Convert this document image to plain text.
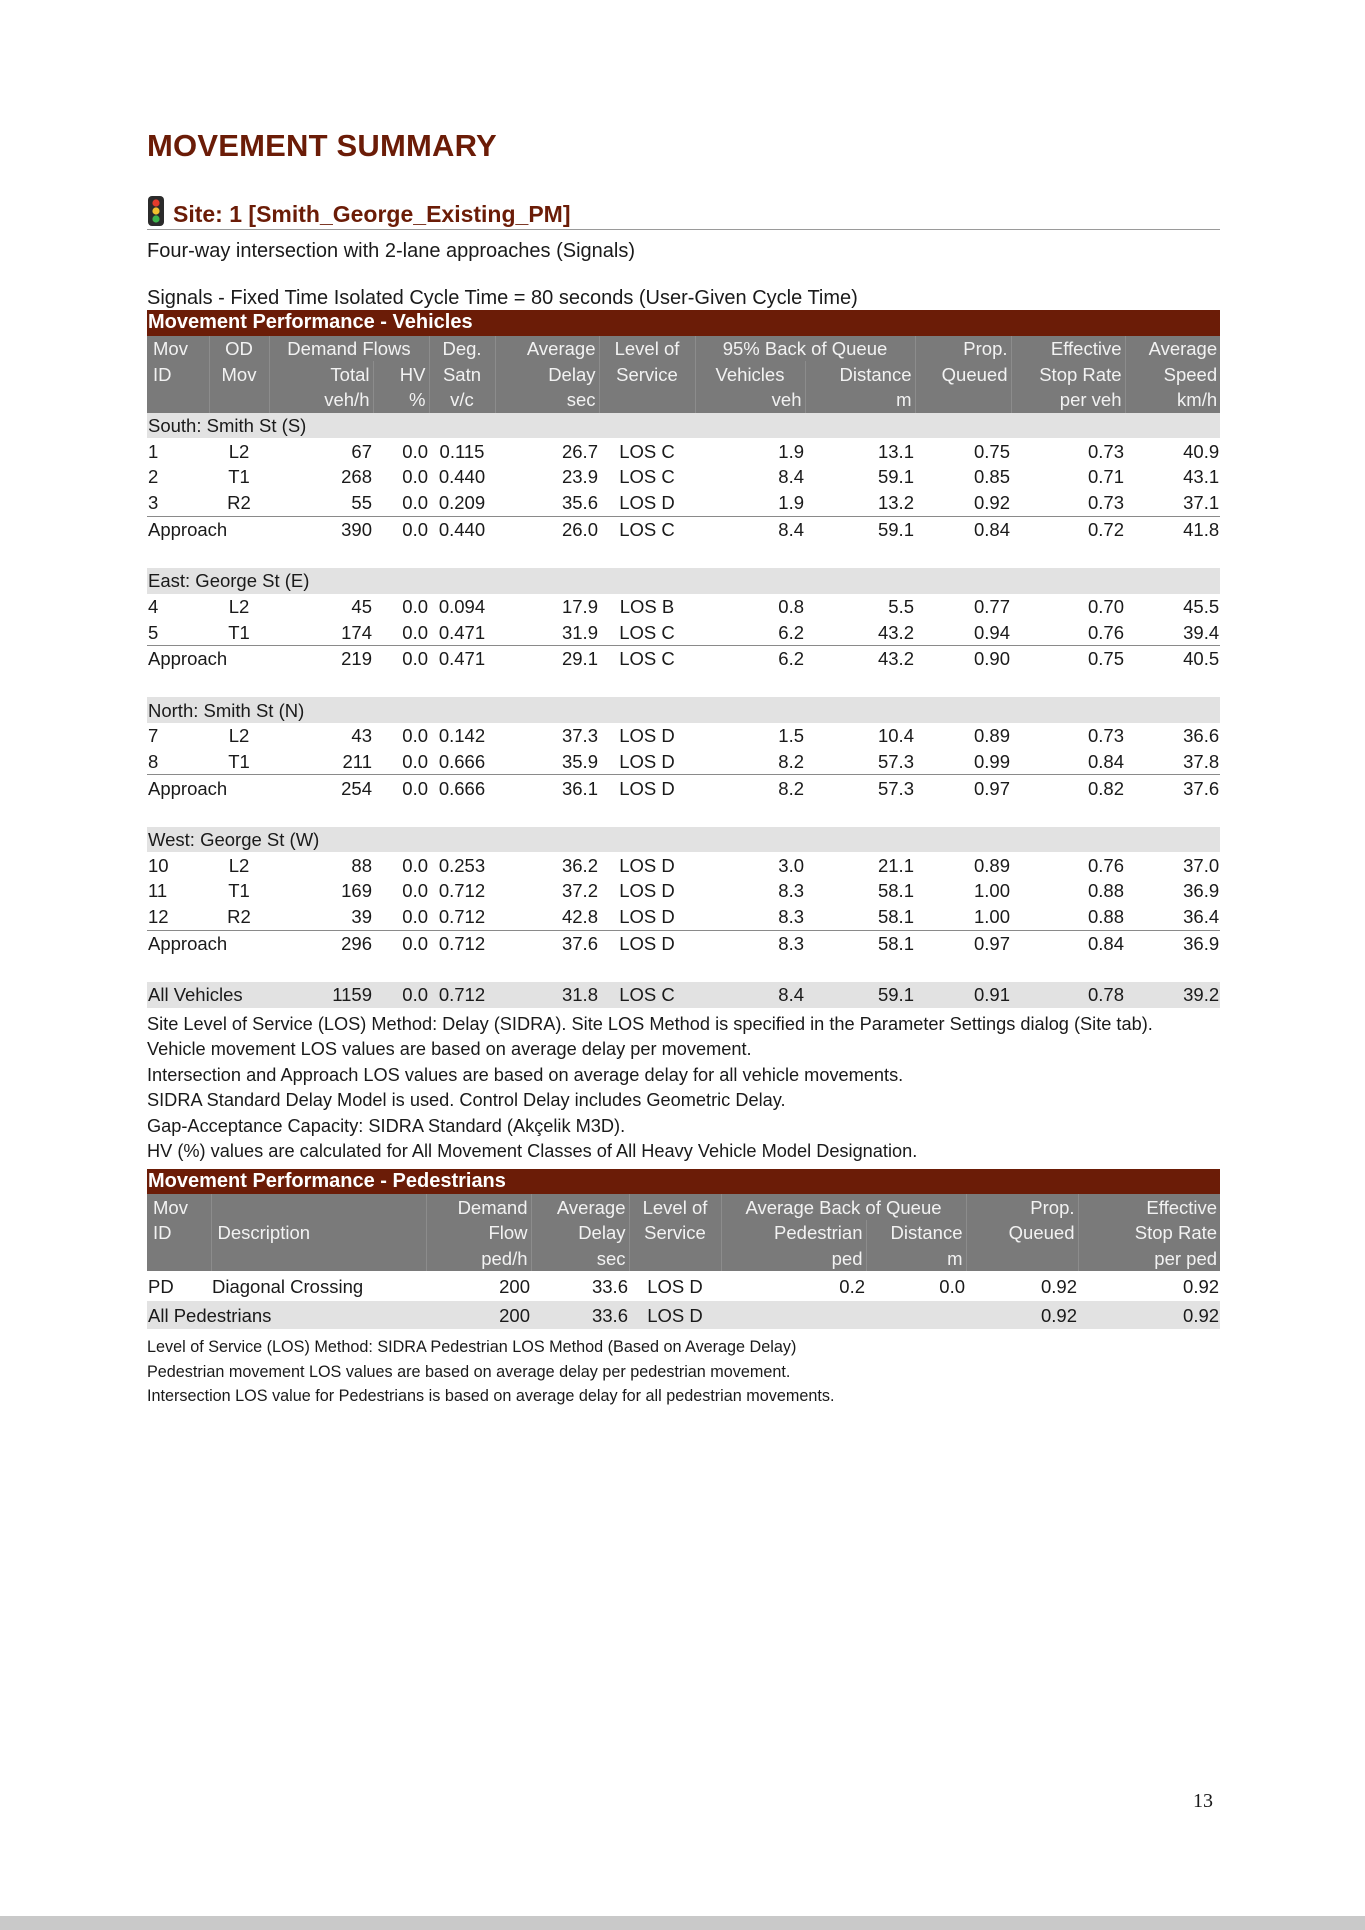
MOVEMENT SUMMARY
Site: 1 [Smith_George_Existing_PM]
Four-way intersection with 2-lane approaches (Signals)
Signals - Fixed Time Isolated Cycle Time = 80 seconds (User-Given Cycle Time)
Movement Performance - Vehicles											
Mov	OD	Demand Flows		Deg.	Average	Level of	95% Back of Queue		Prop.	Effective	Average
ID	Mov	Total	HV	Satn	Delay	Service	Vehicles	Distance	Queued	Stop Rate	Speed
		veh/h	%	v/c	sec		veh	m		per veh	km/h
South: Smith St (S)											
1	L2	67	0.0	0.115	26.7	LOS C	1.9	13.1	0.75	0.73	40.9
2	T1	268	0.0	0.440	23.9	LOS C	8.4	59.1	0.85	0.71	43.1
3	R2	55	0.0	0.209	35.6	LOS D	1.9	13.2	0.92	0.73	37.1
Approach		390	0.0	0.440	26.0	LOS C	8.4	59.1	0.84	0.72	41.8

East: George St (E)											
4	L2	45	0.0	0.094	17.9	LOS B	0.8	5.5	0.77	0.70	45.5
5	T1	174	0.0	0.471	31.9	LOS C	6.2	43.2	0.94	0.76	39.4
Approach		219	0.0	0.471	29.1	LOS C	6.2	43.2	0.90	0.75	40.5

North: Smith St (N)											
7	L2	43	0.0	0.142	37.3	LOS D	1.5	10.4	0.89	0.73	36.6
8	T1	211	0.0	0.666	35.9	LOS D	8.2	57.3	0.99	0.84	37.8
Approach		254	0.0	0.666	36.1	LOS D	8.2	57.3	0.97	0.82	37.6

West: George St (W)											
10	L2	88	0.0	0.253	36.2	LOS D	3.0	21.1	0.89	0.76	37.0
11	T1	169	0.0	0.712	37.2	LOS D	8.3	58.1	1.00	0.88	36.9
12	R2	39	0.0	0.712	42.8	LOS D	8.3	58.1	1.00	0.88	36.4
Approach		296	0.0	0.712	37.6	LOS D	8.3	58.1	0.97	0.84	36.9

All Vehicles		1159	0.0	0.712	31.8	LOS C	8.4	59.1	0.91	0.78	39.2
Site Level of Service (LOS) Method: Delay (SIDRA). Site LOS Method is specified in the Parameter Settings dialog (Site tab).
Vehicle movement LOS values are based on average delay per movement.
Intersection and Approach LOS values are based on average delay for all vehicle movements.
SIDRA Standard Delay Model is used. Control Delay includes Geometric Delay.
Gap-Acceptance Capacity: SIDRA Standard (Akçelik M3D).
HV (%) values are calculated for All Movement Classes of All Heavy Vehicle Model Designation.
Movement Performance - Pedestrians								
Mov		Demand	Average	Level of	Average Back of Queue		Prop.	Effective
ID	Description	Flow	Delay	Service	Pedestrian	Distance	Queued	Stop Rate
		ped/h	sec		ped	m		per ped
PD	Diagonal Crossing	200	33.6	LOS D	0.2	0.0	0.92	0.92
All Pedestrians		200	33.6	LOS D			0.92	0.92
Level of Service (LOS) Method: SIDRA Pedestrian LOS Method (Based on Average Delay)
Pedestrian movement LOS values are based on average delay per pedestrian movement.
Intersection LOS value for Pedestrians is based on average delay for all pedestrian movements.
13
